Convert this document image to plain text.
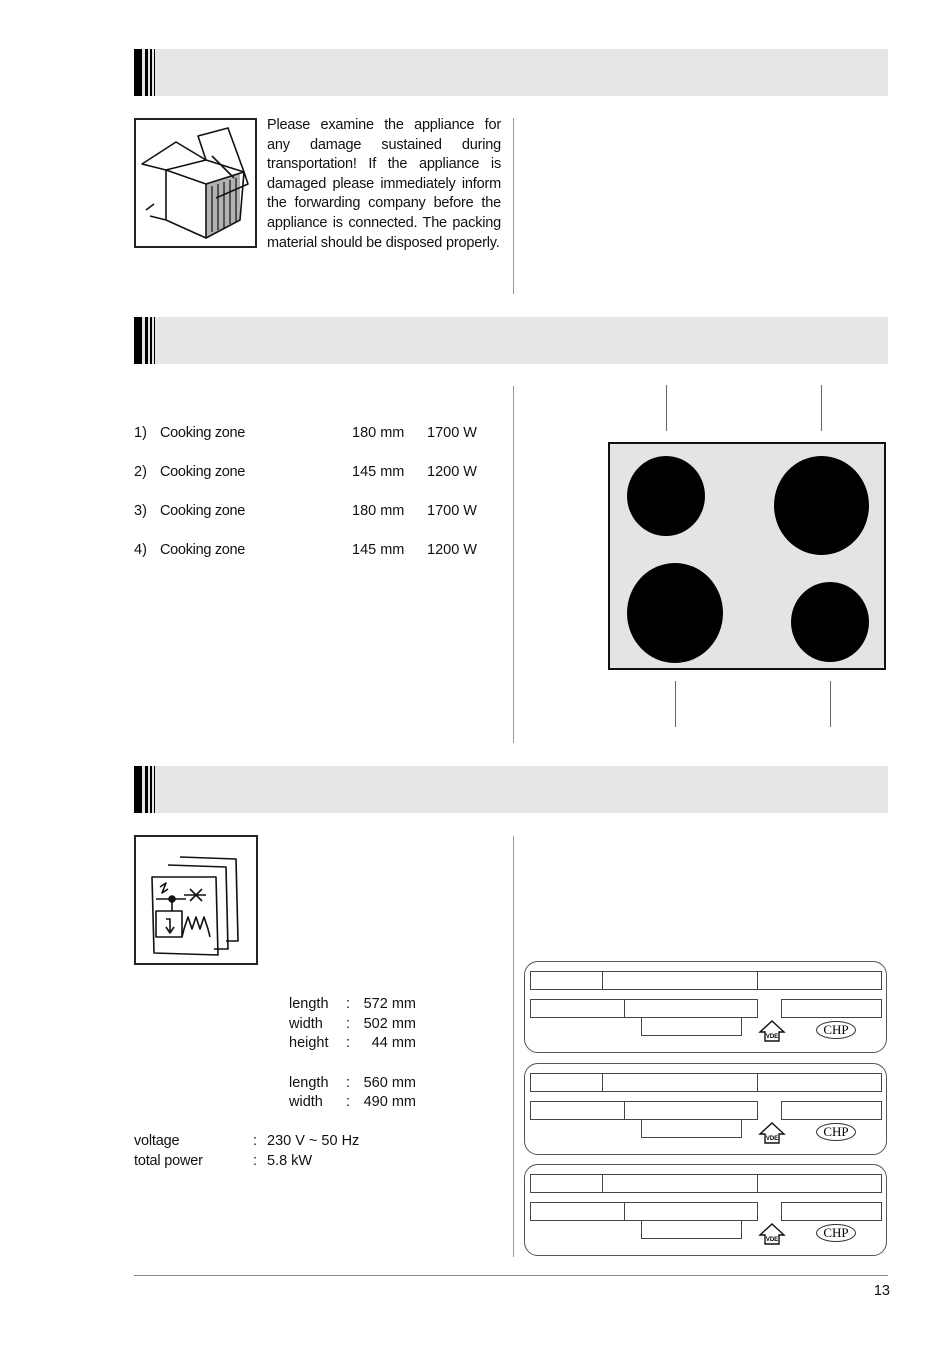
Please examine the appliance for any damage sustained during transportation! If the appliance is damaged please immediately inform the forwarding company before the appliance is connected. The packing material should be disposed properly.
1) Cooking zone	180 mm 1700 W
2) Cooking zone	145 mm 1200 W
3) Cooking zone	180 mm 1700 W
4) Cooking zone	145 mm 1200 W
length : 572 mm
width : 502 mm
height :	44 mm
length : 560 mm
width : 490 mm
voltage	: 230 V ~ 50 Hz
total power	: 5.8 kW
VDE	CHP
VDE	CHP
VDE	CHP
13
